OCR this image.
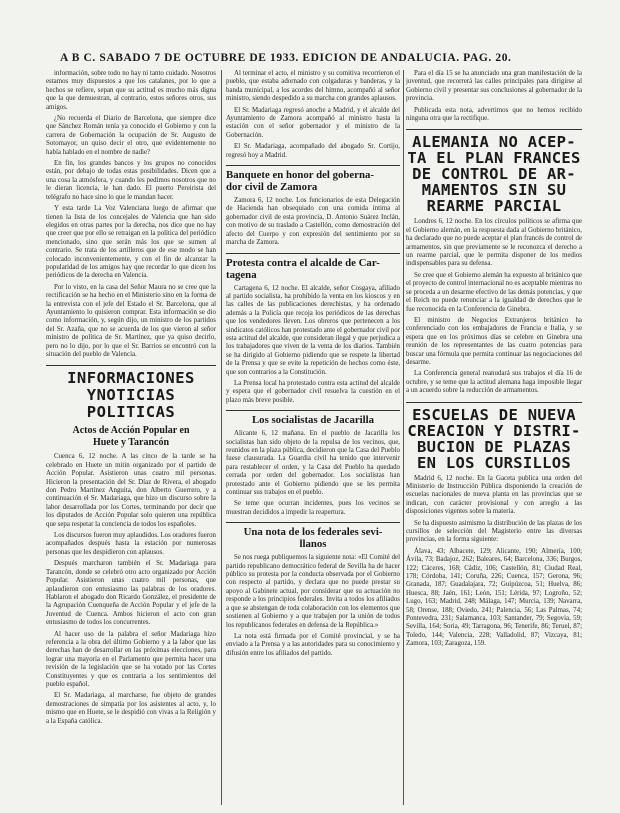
A B C. SABADO 7 DE OCTUBRE DE 1933. EDICION DE ANDALUCIA. PAG. 20.

información, sobre todo no hay ni tanto cuidado. Nosotros estamos muy dispuestos a que los catalanes, por lo que a hechos se refiere, sepan que su actitud es mucho más digna que la que demuestran, al contrario, estos señores otros, sus amigos.

¿No recuerda el Diario de Barcelona, que siempre dice que Sánchez Román tenía ya conocido el Gobierno y con la carrera de Gobernación la ocupación de Sr. Augusto de Sotomayor, un quiso decir el otro, que evidentemente no había hablado en el nombre de nadie?

En fin, los grandes bancos y los grupos no conocidos están, por debajo de todas estas posibilidades. Dicen que a una cosa la atmósfera, y cuando les pedimos nosotros que no le dieran licencia, le han dado. El puerto Pereirista del telégrafo no hace sino lo que le mandan hacer.

Y esta tarde La Voz Valenciana luego de afirmar que tienen la lista de los concejales de Valencia que han sido elegidos en otras partes por la derecha, nos dice que no hay que creer que por ello se retraigan en la política del periódico mencionado, sino que serán más los que se sumen al contrario. Se trata de los artilleros que de ese modo se han colocado inconvenientemente, y con el fin de alcanzar la popularidad de los amigos hay que recordar lo que dicen los periódicos de la derecha en Valencia.

Por lo visto, en la casa del Señor Maura no se cree que la rectificación se ha hecho en el Ministerio sino en la forma de la entrevista con el jefe del Estado el Sr. Barcelona, que al Ayuntamiento lo quisieron comprar. Esta información se dio como información, y, según dijo, un ministro de los partidos del Sr. Azaña, que no se acuerda de los que vieron al señor ministro de política de Sr. Martínez, que ya quiso decirlo, pero no lo dijo, por lo que el Sr. Barrios se encontró con la situación del pueblo de Valencia.

INFORMACIONES
YNOTICIAS POLITICAS
Actos de Acción Popular en
Huete y Tarancón

Cuenca 6, 12 noche. A las cinco de la tarde se ha celebrado en Huete un mitin organizado por el partido de Acción Popular. Asistieron unas cuatro mil personas. Hicieron la presentación del Sr. Díaz de Rivera, el abogado don Pedro Martínez Anguita, don Alberto Guerrero, y a continuación el Sr. Madariaga, que hizo un discurso sobre la labor desarrollada por los Cortes, terminando por decir que los diputados de Acción Popular solo quieren una república que sepa respetar la conciencia de todos los españoles.

Los discursos fueron muy aplaudidos. Los oradores fueron acompañados después hasta la estación por numerosas personas que les despidieron con aplausos.

Después marcharon también el Sr. Madariaga para Tarancón, donde se celebró otro acto organizado por Acción Popular. Asistieron unas cuatro mil personas, que aplaudieron con entusiasmo las palabras de los oradores. Hablaron el abogado don Ricardo González, el presidente de la Agrupación Cuenqueña de Acción Popular y el jefe de la Juventud de Cuenca. Ambos hicieron el acto con gran entusiasmo de todos los concurrentes.

Al hacer uso de la palabra el señor Madariaga hizo referencia a la obra del último Gobierno y a la labor que las derechas han de desarrollar en las próximas elecciones, para lograr una mayoría en el Parlamento que permita hacer una revisión de la legislación que se ha votado por las Cortes Constituyentes y que es contraria a los sentimientos del pueblo español.

El Sr. Madariaga, al marcharse, fue objeto de grandes demostraciones de simpatía por los asistentes al acto, y, lo mismo que en Huete, se le despidió con vivas a la Religión y a la España católica.

Al terminar el acto, el ministro y su comitiva recorrieron el pueblo, que estaba adornado con colgaduras y banderas, y la banda municipal, a los acordes del himno, acompañó al señor ministro, siendo despedido a su marcha con grandes aplausos.

El Sr. Madariaga regresó anoche a Madrid, y el alcalde del Ayuntamiento de Zamora acompañó al ministro hasta la estación con el señor gobernador y el ministro de la Gobernación.

El Sr. Madariaga, acompañado del abogado Sr. Cortijo, regresó hoy a Madrid.

Banquete en honor del goberna-
dor civil de Zamora

Zamora 6, 12 noche. Los funcionarios de esta Delegación de Hacienda han obsequiado con una comida íntima al gobernador civil de esta provincia, D. Antonio Suárez Inclán, con motivo de su traslado a Castellón, como demostración del afecto del Cuerpo y con expresión del sentimiento por su marcha de Zamora.

Protesta contra el alcalde de Car-
tagena

Cartagena 6, 12 noche. El alcalde, señor Cosgaya, afiliado al partido socialista, ha prohibido la venta en los kioscos y en las calles de las publicaciones derechistas, y ha ordenado además a la Policía que recoja los periódicos de las derechas que los vendedores lleven. Los obreros que pertenecen a los sindicatos católicos han protestado ante el gobernador civil por esta actitud del alcalde, que consideran ilegal y que perjudica a los trabajadores que viven de la venta de los diarios. También se ha dirigido al Gobierno pidiendo que se respete la libertad de la Prensa y que se evite la repetición de hechos como éste, que son contrarios a la Constitución.

La Prensa local ha protestado contra esta actitud del alcalde y espera que el gobernador civil resuelva la cuestión en el plazo más breve posible.

Los socialistas de Jacarilla

Alicante 6, 12 mañana. En el pueblo de Jacarilla los socialistas han sido objeto de la repulsa de los vecinos, que, reunidos en la plaza pública, decidieron que la Casa del Pueblo fuese clausurada. La Guardia civil ha tenido que intervenir para restablecer el orden, y la Casa del Pueblo ha quedado cerrada por orden del gobernador. Los socialistas han protestado ante el Gobierno pidiendo que se les permita continuar sus trabajos en el pueblo.

Se teme que ocurran incidentes, pues los vecinos se muestran decididos a impedir la reapertura.

Una nota de los federales sevi-
llanos

Se nos ruega publiquemos la siguiente nota: «El Comité del partido republicano democrático federal de Sevilla ha de hacer público su protesta por la conducta observada por el Gobierno con respecto al partido, y declara que no puede prestar su apoyo al Gabinete actual, por considerar que su actuación no responde a los principios federales. Invita a todos los afiliados a que se abstengan de toda colaboración con los elementos que sostienen al Gobierno y a que trabajen por la unión de todos los republicanos federales en defensa de la República.»

La nota está firmada por el Comité provincial, y se ha enviado a la Prensa y a las autoridades para su conocimiento y difusión entre los afiliados del partido.

Para el día 15 se ha anunciado una gran manifestación de la juventud, que recorrerá las calles principales para dirigirse al Gobierno civil y presentar sus conclusiones al gobernador de la provincia.

Publicada esta nota, advertimos que no hemos recibido ninguna otra que la rectifique.

ALEMANIA NO ACEP-
TA EL PLAN FRANCES
DE CONTROL DE AR-
MAMENTOS SIN SU
REARME PARCIAL

Londres 6, 12 noche. En los círculos políticos se afirma que el Gobierno alemán, en la respuesta dada al Gobierno británico, ha declarado que no puede aceptar el plan francés de control de armamentos, sin que previamente se le reconozca el derecho a un rearme parcial, que le permita disponer de los medios indispensables para su defensa.

Se cree que el Gobierno alemán ha expuesto al británico que el proyecto de control internacional no es aceptable mientras no se proceda a un desarme efectivo de las demás potencias, y que el Reich no puede renunciar a la igualdad de derechos que le fue reconocida en la Conferencia de Ginebra.

El ministro de Negocios Extranjeros británico ha conferenciado con los embajadores de Francia e Italia, y se espera que en los próximos días se celebre en Ginebra una reunión de los representantes de las cuatro potencias para buscar una fórmula que permita continuar las negociaciones del desarme.

La Conferencia general reanudará sus trabajos el día 16 de octubre, y se teme que la actitud alemana haga imposible llegar a un acuerdo sobre la reducción de armamentos.

ESCUELAS DE NUEVA
CREACION Y DISTRI-
BUCION DE PLAZAS
EN LOS CURSILLOS

Madrid 6, 12 noche. En la Gaceta publica una orden del Ministerio de Instrucción Pública disponiendo la creación de escuelas nacionales de nueva planta en las provincias que se indican, con carácter provisional y con arreglo a las disposiciones vigentes sobre la materia.

Se ha dispuesto asimismo la distribución de las plazas de los cursillos de selección del Magisterio entre las diversas provincias, en la forma siguiente:

Álava, 43; Albacete, 129; Alicante, 190; Almería, 100; Ávila, 73; Badajoz, 262; Baleares, 64; Barcelona, 336; Burgos, 122; Cáceres, 168; Cádiz, 106; Castellón, 81; Ciudad Real, 178; Córdoba, 141; Coruña, 226; Cuenca, 157; Gerona, 96; Granada, 187; Guadalajara, 72; Guipúzcoa, 51; Huelva, 86; Huesca, 88; Jaén, 161; León, 151; Lérida, 97; Logroño, 52; Lugo, 163; Madrid, 248; Málaga, 147; Murcia, 139; Navarra, 58; Orense, 188; Oviedo, 241; Palencia, 56; Las Palmas, 74; Pontevedra, 231; Salamanca, 103; Santander, 79; Segovia, 59; Sevilla, 164; Soria, 49; Tarragona, 96; Tenerife, 86; Teruel, 87; Toledo, 144; Valencia, 228; Valladolid, 87; Vizcaya, 81; Zamora, 103; Zaragoza, 159.
